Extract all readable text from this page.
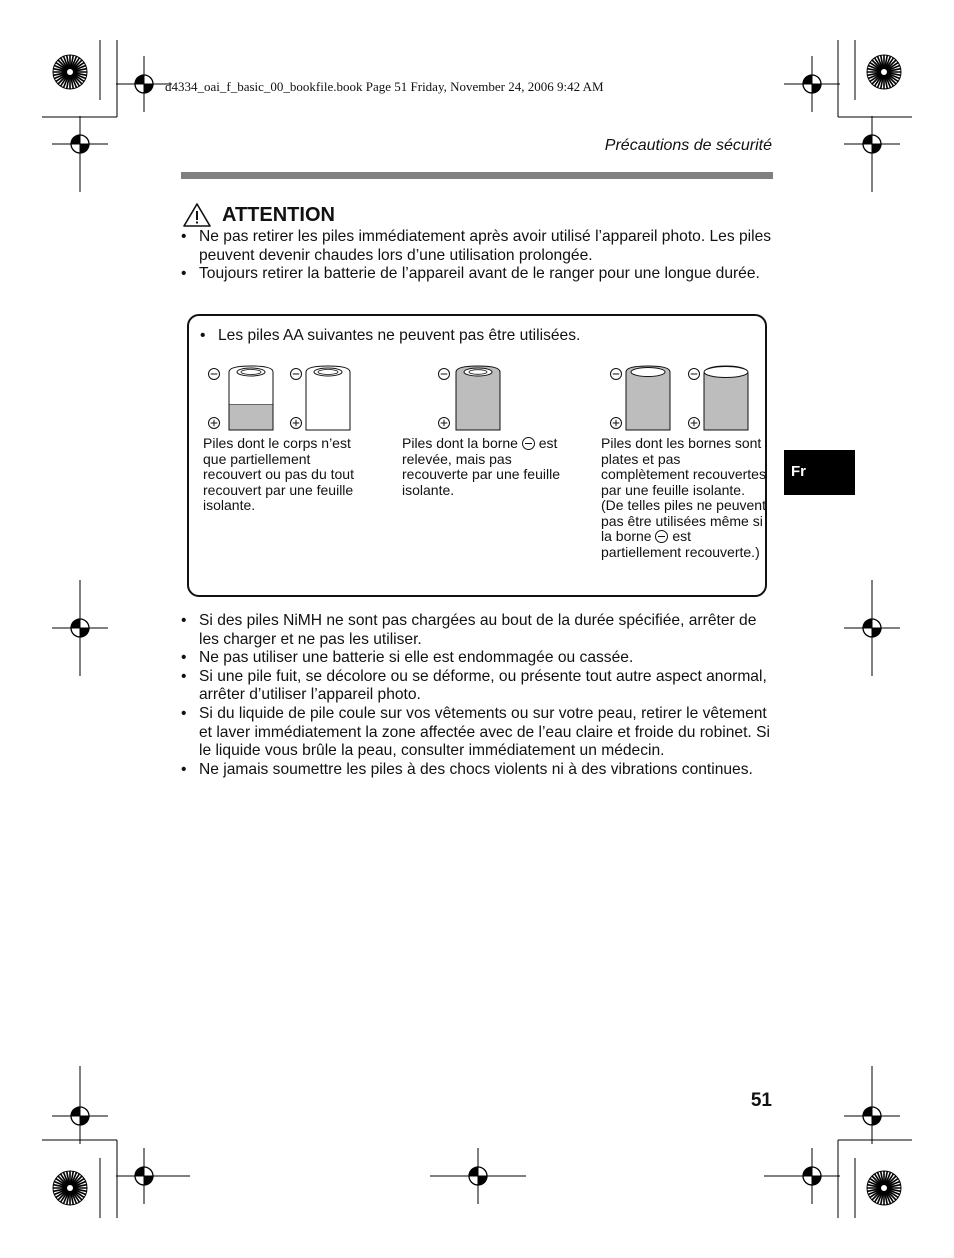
d4334_oai_f_basic_00_bookfile.book Page 51 Friday, November 24, 2006 9:42 AM
Précautions de sécurité
ATTENTION
• Ne pas retirer les piles immédiatement après avoir utilisé l’appareil photo. Les piles peuvent devenir chaudes lors d’une utilisation prolongée.
• Toujours retirer la batterie de l’appareil avant de le ranger pour une longue durée.
• Les piles AA suivantes ne peuvent pas être utilisées.
Piles dont le corps n’est que partiellement recouvert ou pas du tout recouvert par une feuille isolante.
Piles dont la borne est relevée, mais pas recouverte par une feuille isolante.
Piles dont les bornes sont plates et pas complètement recouvertes par une feuille isolante. (De telles piles ne peuvent pas être utilisées même si la borne est partiellement recouverte.)
• Si des piles NiMH ne sont pas chargées au bout de la durée spécifiée, arrêter de les charger et ne pas les utiliser.
• Ne pas utiliser une batterie si elle est endommagée ou cassée.
• Si une pile fuit, se décolore ou se déforme, ou présente tout autre aspect anormal, arrêter d’utiliser l’appareil photo.
• Si du liquide de pile coule sur vos vêtements ou sur votre peau, retirer le vêtement et laver immédiatement la zone affectée avec de l’eau claire et froide du robinet. Si le liquide vous brûle la peau, consulter immédiatement un médecin.
• Ne jamais soumettre les piles à des chocs violents ni à des vibrations continues.
Fr
51
